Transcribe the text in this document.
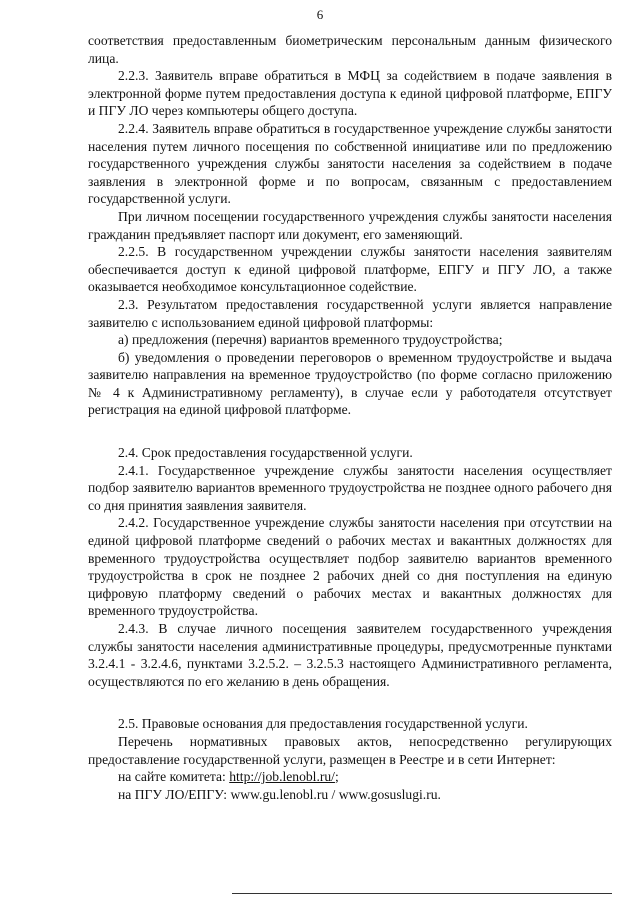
6

соответствия предоставленным биометрическим персональным данным физического лица.

2.2.3. Заявитель вправе обратиться в МФЦ за содействием в подаче заявления в электронной форме путем предоставления доступа к единой цифровой платформе, ЕПГУ и ПГУ ЛО через компьютеры общего доступа.

2.2.4. Заявитель вправе обратиться в государственное учреждение службы занятости населения путем личного посещения по собственной инициативе или по предложению государственного учреждения службы занятости населения за содействием в подаче заявления в электронной форме и по вопросам, связанным с предоставлением государственной услуги.

При личном посещении государственного учреждения службы занятости населения гражданин предъявляет паспорт или документ, его заменяющий.

2.2.5. В государственном учреждении службы занятости населения заявителям обеспечивается доступ к единой цифровой платформе, ЕПГУ и ПГУ ЛО, а также оказывается необходимое консультационное содействие.

2.3. Результатом предоставления государственной услуги является направление заявителю с использованием единой цифровой платформы:

а) предложения (перечня) вариантов временного трудоустройства;

б) уведомления о проведении переговоров о временном трудоустройстве и выдача заявителю направления на временное трудоустройство (по форме согласно приложению № 4 к Административному регламенту), в случае если у работодателя отсутствует регистрация на единой цифровой платформе.

2.4. Срок предоставления государственной услуги.

2.4.1. Государственное учреждение службы занятости населения осуществляет подбор заявителю вариантов временного трудоустройства не позднее одного рабочего дня со дня принятия заявления заявителя.

2.4.2. Государственное учреждение службы занятости населения при отсутствии на единой цифровой платформе сведений о рабочих местах и вакантных должностях для временного трудоустройства осуществляет подбор заявителю вариантов временного трудоустройства в срок не позднее 2 рабочих дней со дня поступления на единую цифровую платформу сведений о рабочих местах и вакантных должностях для временного трудоустройства.

2.4.3. В случае личного посещения заявителем государственного учреждения службы занятости населения административные процедуры, предусмотренные пунктами 3.2.4.1 - 3.2.4.6, пунктами 3.2.5.2. – 3.2.5.3 настоящего Административного регламента, осуществляются по его желанию в день обращения.

2.5. Правовые основания для предоставления государственной услуги.

Перечень нормативных правовых актов, непосредственно регулирующих предоставление государственной услуги, размещен в Реестре и в сети Интернет:

на сайте комитета: http://job.lenobl.ru/;

на ПГУ ЛО/ЕПГУ: www.gu.lenobl.ru / www.gosuslugi.ru.
